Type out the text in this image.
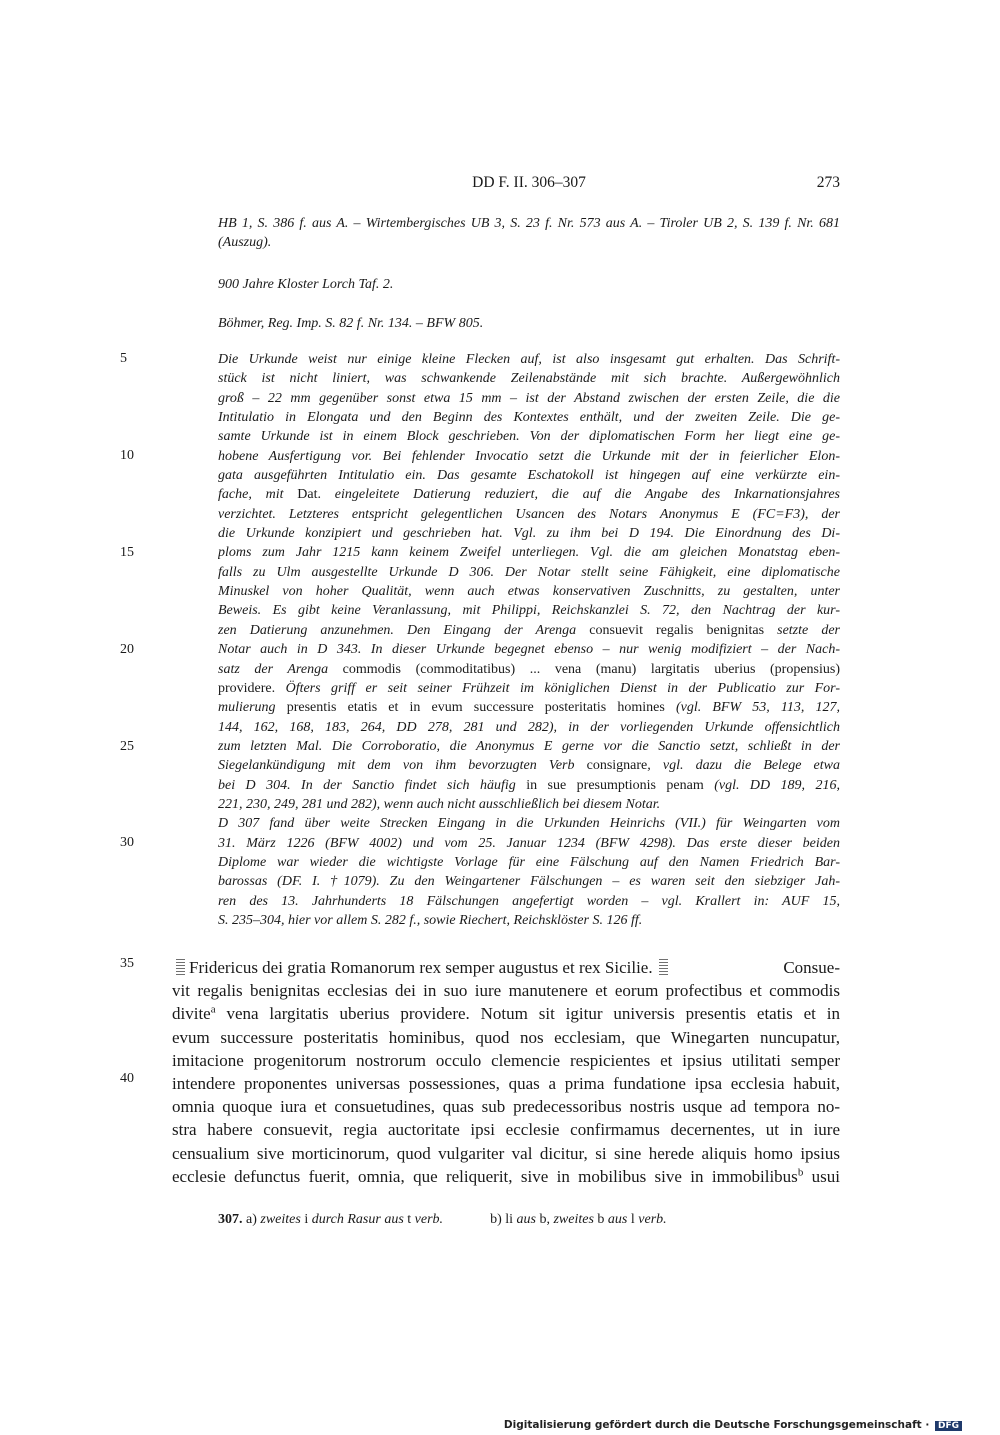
DD F. II. 306–307	273
HB 1, S. 386 f. aus A. – Wirtembergisches UB 3, S. 23 f. Nr. 573 aus A. – Tiroler UB 2, S. 139 f. Nr. 681 (Auszug).
900 Jahre Kloster Lorch Taf. 2.
Böhmer, Reg. Imp. S. 82 f. Nr. 134. – BFW 805.
5
10
15
20
25
30
35
40
Die Urkunde weist nur einige kleine Flecken auf, ist also insgesamt gut erhalten. Das Schrift-
stück ist nicht liniert, was schwankende Zeilenabstände mit sich brachte. Außergewöhnlich
groß – 22 mm gegenüber sonst etwa 15 mm – ist der Abstand zwischen der ersten Zeile, die die
Intitulatio in Elongata und den Beginn des Kontextes enthält, und der zweiten Zeile. Die ge-
samte Urkunde ist in einem Block geschrieben. Von der diplomatischen Form her liegt eine ge-
hobene Ausfertigung vor. Bei fehlender Invocatio setzt die Urkunde mit der in feierlicher Elon-
gata ausgeführten Intitulatio ein. Das gesamte Eschatokoll ist hingegen auf eine verkürzte ein-
fache, mit Dat. eingeleitete Datierung reduziert, die auf die Angabe des Inkarnationsjahres
verzichtet. Letzteres entspricht gelegentlichen Usancen des Notars Anonymus E (FC=F3), der
die Urkunde konzipiert und geschrieben hat. Vgl. zu ihm bei D 194. Die Einordnung des Di-
ploms zum Jahr 1215 kann keinem Zweifel unterliegen. Vgl. die am gleichen Monatstag eben-
falls zu Ulm ausgestellte Urkunde D 306. Der Notar stellt seine Fähigkeit, eine diplomatische
Minuskel von hoher Qualität, wenn auch etwas konservativen Zuschnitts, zu gestalten, unter
Beweis. Es gibt keine Veranlassung, mit Philippi, Reichskanzlei S. 72, den Nachtrag der kur-
zen Datierung anzunehmen. Den Eingang der Arenga consuevit regalis benignitas setzte der
Notar auch in D 343. In dieser Urkunde begegnet ebenso – nur wenig modifiziert – der Nach-
satz der Arenga commodis (commoditatibus) ... vena (manu) largitatis uberius (propensius)
providere. Öfters griff er seit seiner Frühzeit im königlichen Dienst in der Publicatio zur For-
mulierung presentis etatis et in evum successure posteritatis homines (vgl. BFW 53, 113, 127,
144, 162, 168, 183, 264, DD 278, 281 und 282), in der vorliegenden Urkunde offensichtlich
zum letzten Mal. Die Corroboratio, die Anonymus E gerne vor die Sanctio setzt, schließt in der
Siegelankündigung mit dem von ihm bevorzugten Verb consignare, vgl. dazu die Belege etwa
bei D 304. In der Sanctio findet sich häufig in sue presumptionis penam (vgl. DD 189, 216,
221, 230, 249, 281 und 282), wenn auch nicht ausschließlich bei diesem Notar.
D 307 fand über weite Strecken Eingang in die Urkunden Heinrichs (VII.) für Weingarten vom
31. März 1226 (BFW 4002) und vom 25. Januar 1234 (BFW 4298). Das erste dieser beiden
Diplome war wieder die wichtigste Vorlage für eine Fälschung auf den Namen Friedrich Bar-
barossas (DF. I. †1079). Zu den Weingartener Fälschungen – es waren seit den siebziger Jah-
ren des 13. Jahrhunderts 18 Fälschungen angefertigt worden – vgl. Krallert in: AUF 15,
S. 235–304, hier vor allem S. 282 f., sowie Riechert, Reichsklöster S. 126 ff.
Fridericus dei gratia Romanorum rex semper augustus et rex Sicilie.	Consue-
vit regalis benignitas ecclesias dei in suo iure manutenere et eorum profectibus et commodis
divite$^a$ vena largitatis uberius providere. Notum sit igitur universis presentis etatis et in
evum successure posteritatis hominibus, quod nos ecclesiam, que Winegarten nuncupatur,
imitacione progenitorum nostrorum occulo clemencie respicientes et ipsius utilitati semper
intendere proponentes universas possessiones, quas a prima fundatione ipsa ecclesia habuit,
omnia quoque iura et consuetudines, quas sub predecessoribus nostris usque ad tempora no-
stra habere consuevit, regia auctoritate ipsi ecclesie confirmamus decernentes, ut in iure
censualium sive morticinorum, quod vulgariter val dicitur, si sine herede aliquis homo ipsius
ecclesie defunctus fuerit, omnia, que reliquerit, sive in mobilibus sive in immobilibus$^b$ usui
307. a) zweites i durch Rasur aus t verb.	b) li aus b, zweites b aus l verb.
Digitalisierung gefördert durch die Deutsche Forschungsgemeinschaft · DFG
